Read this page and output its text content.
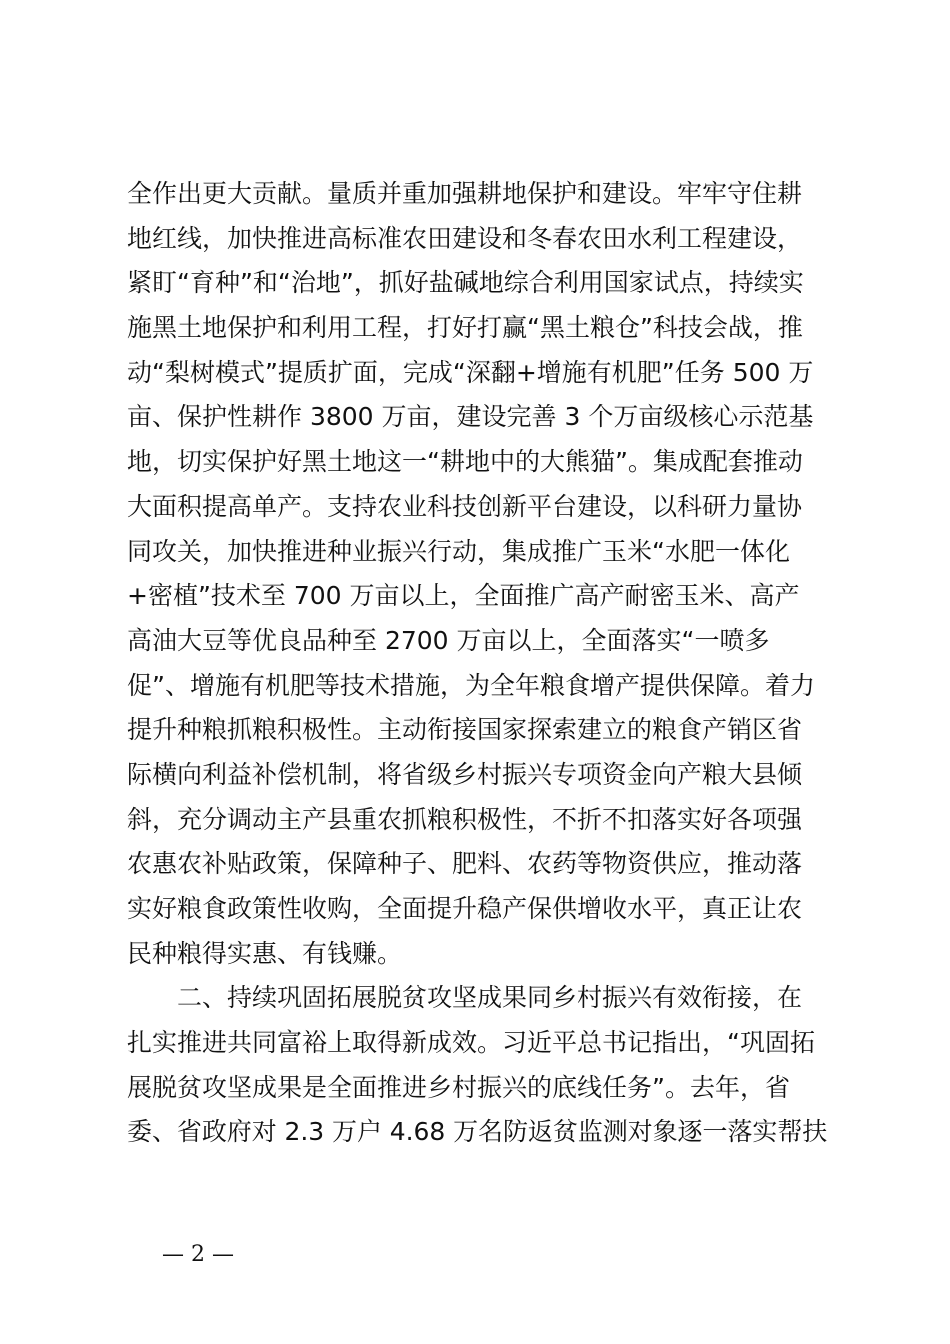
全作出更大贡献。量质并重加强耕地保护和建设。牢牢守住耕
地红线，加快推进高标准农田建设和冬春农田水利工程建设，
紧盯“育种”和“治地”，抓好盐碱地综合利用国家试点，持续实
施黑土地保护和利用工程，打好打赢“黑土粮仓”科技会战，推
动“梨树模式”提质扩面，完成“深翻+增施有机肥”任务 500 万
亩、保护性耕作 3800 万亩，建设完善 3 个万亩级核心示范基
地，切实保护好黑土地这一“耕地中的大熊猫”。集成配套推动
大面积提高单产。支持农业科技创新平台建设，以科研力量协
同攻关，加快推进种业振兴行动，集成推广玉米“水肥一体化
+密植”技术至 700 万亩以上，全面推广高产耐密玉米、高产
高油大豆等优良品种至 2700 万亩以上，全面落实“一喷多
促”、增施有机肥等技术措施，为全年粮食增产提供保障。着力
提升种粮抓粮积极性。主动衔接国家探索建立的粮食产销区省
际横向利益补偿机制，将省级乡村振兴专项资金向产粮大县倾
斜，充分调动主产县重农抓粮积极性，不折不扣落实好各项强
农惠农补贴政策，保障种子、肥料、农药等物资供应，推动落
实好粮食政策性收购，全面提升稳产保供增收水平，真正让农
民种粮得实惠、有钱赚。
二、持续巩固拓展脱贫攻坚成果同乡村振兴有效衔接，在
扎实推进共同富裕上取得新成效。习近平总书记指出，“巩固拓
展脱贫攻坚成果是全面推进乡村振兴的底线任务”。去年，省
委、省政府对 2.3 万户 4.68 万名防返贫监测对象逐一落实帮扶
— 2 —
